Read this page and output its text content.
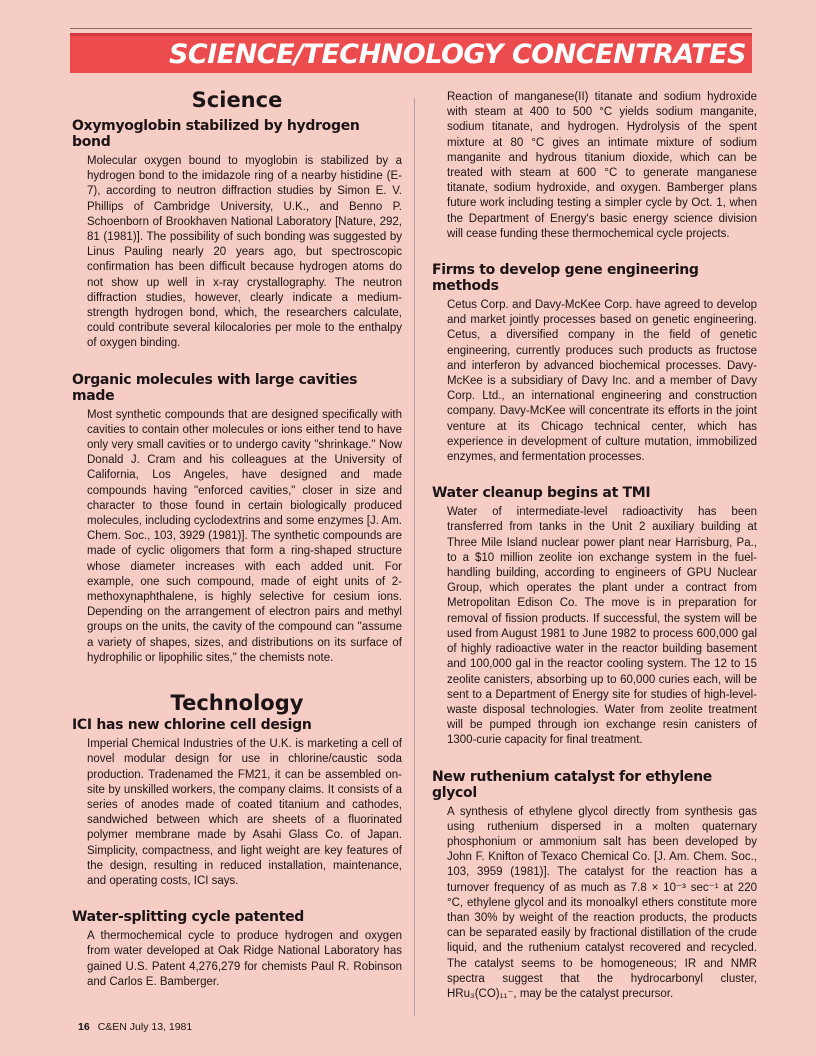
SCIENCE/TECHNOLOGY CONCENTRATES
Science
Oxymyoglobin stabilized by hydrogen bond

Molecular oxygen bound to myoglobin is stabilized by a hydrogen bond to the imidazole ring of a nearby histidine (E-7), according to neutron diffraction studies by Simon E. V. Phillips of Cambridge University, U.K., and Benno P. Schoenborn of Brookhaven National Laboratory [Nature, 292, 81 (1981)]. The possibility of such bonding was suggested by Linus Pauling nearly 20 years ago, but spectroscopic confirmation has been difficult because hydrogen atoms do not show up well in x-ray crystallography. The neutron diffraction studies, however, clearly indicate a medium-strength hydrogen bond, which, the researchers calculate, could contribute several kilocalories per mole to the enthalpy of oxygen binding.

Organic molecules with large cavities made

Most synthetic compounds that are designed specifically with cavities to contain other molecules or ions either tend to have only very small cavities or to undergo cavity "shrinkage." Now Donald J. Cram and his colleagues at the University of California, Los Angeles, have designed and made compounds having "enforced cavities," closer in size and character to those found in certain biologically produced molecules, including cyclodextrins and some enzymes [J. Am. Chem. Soc., 103, 3929 (1981)]. The synthetic compounds are made of cyclic oligomers that form a ring-shaped structure whose diameter increases with each added unit. For example, one such compound, made of eight units of 2-methoxynaphthalene, is highly selective for cesium ions. Depending on the arrangement of electron pairs and methyl groups on the units, the cavity of the compound can "assume a variety of shapes, sizes, and distributions on its surface of hydrophilic or lipophilic sites," the chemists note.

Technology
ICI has new chlorine cell design

Imperial Chemical Industries of the U.K. is marketing a cell of novel modular design for use in chlorine/caustic soda production. Tradenamed the FM21, it can be assembled on-site by unskilled workers, the company claims. It consists of a series of anodes made of coated titanium and cathodes, sandwiched between which are sheets of a fluorinated polymer membrane made by Asahi Glass Co. of Japan. Simplicity, compactness, and light weight are key features of the design, resulting in reduced installation, maintenance, and operating costs, ICI says.

Water-splitting cycle patented

A thermochemical cycle to produce hydrogen and oxygen from water developed at Oak Ridge National Laboratory has gained U.S. Patent 4,276,279 for chemists Paul R. Robinson and Carlos E. Bamberger.

Reaction of manganese(II) titanate and sodium hydroxide with steam at 400 to 500 °C yields sodium manganite, sodium titanate, and hydrogen. Hydrolysis of the spent mixture at 80 °C gives an intimate mixture of sodium manganite and hydrous titanium dioxide, which can be treated with steam at 600 °C to generate manganese titanate, sodium hydroxide, and oxygen. Bamberger plans future work including testing a simpler cycle by Oct. 1, when the Department of Energy's basic energy science division will cease funding these thermochemical cycle projects.

Firms to develop gene engineering methods

Cetus Corp. and Davy-McKee Corp. have agreed to develop and market jointly processes based on genetic engineering. Cetus, a diversified company in the field of genetic engineering, currently produces such products as fructose and interferon by advanced biochemical processes. Davy-McKee is a subsidiary of Davy Inc. and a member of Davy Corp. Ltd., an international engineering and construction company. Davy-McKee will concentrate its efforts in the joint venture at its Chicago technical center, which has experience in development of culture mutation, immobilized enzymes, and fermentation processes.

Water cleanup begins at TMI

Water of intermediate-level radioactivity has been transferred from tanks in the Unit 2 auxiliary building at Three Mile Island nuclear power plant near Harrisburg, Pa., to a $10 million zeolite ion exchange system in the fuel-handling building, according to engineers of GPU Nuclear Group, which operates the plant under a contract from Metropolitan Edison Co. The move is in preparation for removal of fission products. If successful, the system will be used from August 1981 to June 1982 to process 600,000 gal of highly radioactive water in the reactor building basement and 100,000 gal in the reactor cooling system. The 12 to 15 zeolite canisters, absorbing up to 60,000 curies each, will be sent to a Department of Energy site for studies of high-level-waste disposal technologies. Water from zeolite treatment will be pumped through ion exchange resin canisters of 1300-curie capacity for final treatment.

New ruthenium catalyst for ethylene glycol

A synthesis of ethylene glycol directly from synthesis gas using ruthenium dispersed in a molten quaternary phosphonium or ammonium salt has been developed by John F. Knifton of Texaco Chemical Co. [J. Am. Chem. Soc., 103, 3959 (1981)]. The catalyst for the reaction has a turnover frequency of as much as 7.8 × 10⁻³ sec⁻¹ at 220 °C, ethylene glycol and its monoalkyl ethers constitute more than 30% by weight of the reaction products, the products can be separated easily by fractional distillation of the crude liquid, and the ruthenium catalyst recovered and recycled. The catalyst seems to be homogeneous; IR and NMR spectra suggest that the hydrocarbonyl cluster, HRu₃(CO)₁₁⁻, may be the catalyst precursor.

16 C&EN July 13, 1981
